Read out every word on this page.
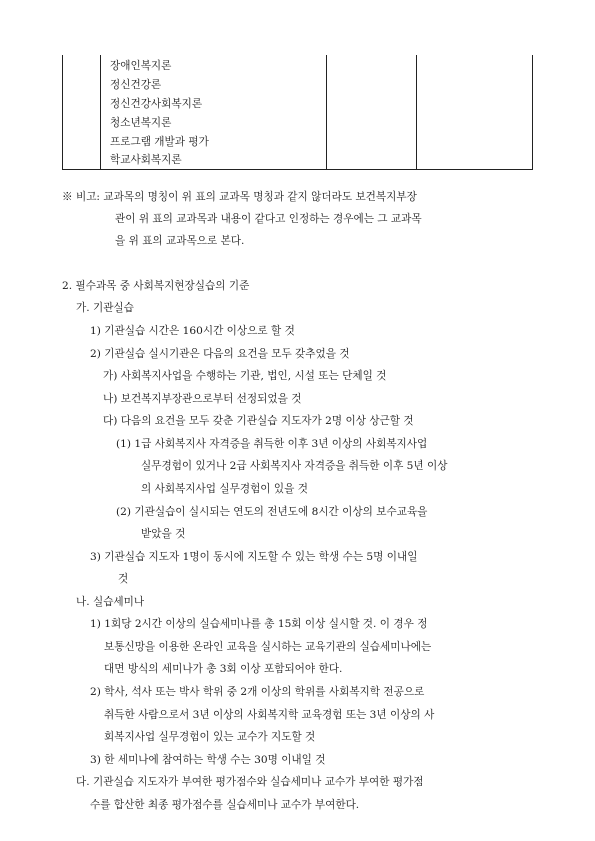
장애인복지론
정신건강론
정신건강사회복지론
청소년복지론
프로그램 개발과 평가
학교사회복지론
※ 비고: 교과목의 명칭이 위 표의 교과목 명칭과 같지 않더라도 보건복지부장
관이 위 표의 교과목과 내용이 같다고 인정하는 경우에는 그 교과목
을 위 표의 교과목으로 본다.
2. 필수과목 중 사회복지현장실습의 기준
가. 기관실습
1) 기관실습 시간은 160시간 이상으로 할 것
2) 기관실습 실시기관은 다음의 요건을 모두 갖추었을 것
가) 사회복지사업을 수행하는 기관, 법인, 시설 또는 단체일 것
나) 보건복지부장관으로부터 선정되었을 것
다) 다음의 요건을 모두 갖춘 기관실습 지도자가 2명 이상 상근할 것
(1) 1급 사회복지사 자격증을 취득한 이후 3년 이상의 사회복지사업
실무경험이 있거나 2급 사회복지사 자격증을 취득한 이후 5년 이상
의 사회복지사업 실무경험이 있을 것
(2) 기관실습이 실시되는 연도의 전년도에 8시간 이상의 보수교육을
받았을 것
3) 기관실습 지도자 1명이 동시에 지도할 수 있는 학생 수는 5명 이내일
것
나. 실습세미나
1) 1회당 2시간 이상의 실습세미나를 총 15회 이상 실시할 것. 이 경우 정
보통신망을 이용한 온라인 교육을 실시하는 교육기관의 실습세미나에는
대면 방식의 세미나가 총 3회 이상 포함되어야 한다.
2) 학사, 석사 또는 박사 학위 중 2개 이상의 학위를 사회복지학 전공으로
취득한 사람으로서 3년 이상의 사회복지학 교육경험 또는 3년 이상의 사
회복지사업 실무경험이 있는 교수가 지도할 것
3) 한 세미나에 참여하는 학생 수는 30명 이내일 것
다. 기관실습 지도자가 부여한 평가점수와 실습세미나 교수가 부여한 평가점
수를 합산한 최종 평가점수를 실습세미나 교수가 부여한다.
